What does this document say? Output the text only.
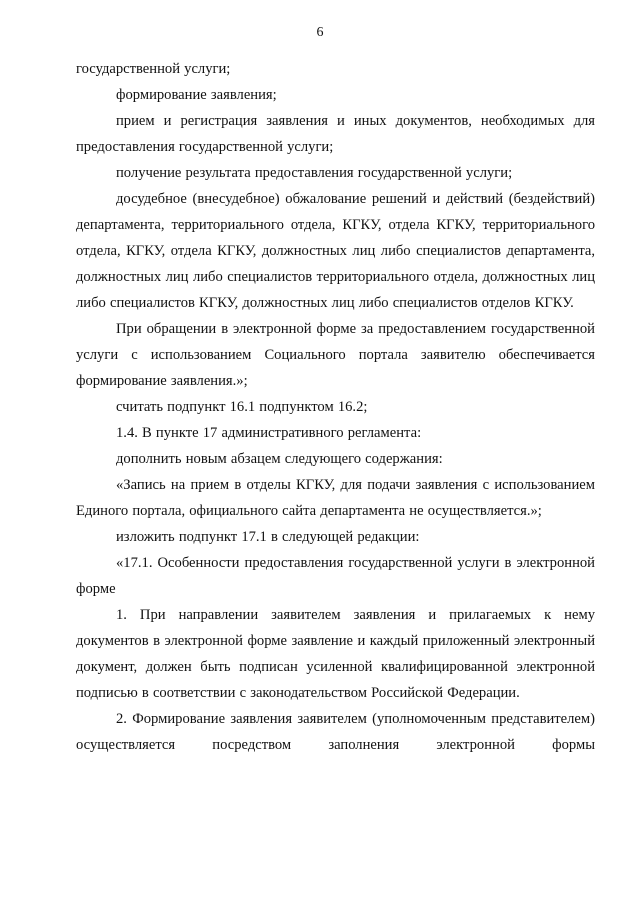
6

государственной услуги;

формирование заявления;

прием и регистрация заявления и иных документов, необходимых для предоставления государственной услуги;

получение результата предоставления государственной услуги;

досудебное (внесудебное) обжалование решений и действий (бездействий) департамента, территориального отдела, КГКУ, отдела КГКУ, территориального отдела, КГКУ, отдела КГКУ, должностных лиц либо специалистов департамента, должностных лиц либо специалистов территориального отдела, должностных лиц либо специалистов КГКУ, должностных лиц либо специалистов отделов КГКУ.

При обращении в электронной форме за предоставлением государственной услуги с использованием Социального портала заявителю обеспечивается формирование заявления.»;

считать подпункт 16.1 подпунктом 16.2;

1.4. В пункте 17 административного регламента:

дополнить новым абзацем следующего содержания:

«Запись на прием в отделы КГКУ, для подачи заявления с использованием Единого портала, официального сайта департамента не осуществляется.»;

изложить подпункт 17.1 в следующей редакции:

«17.1. Особенности предоставления государственной услуги в электронной форме

1. При направлении заявителем заявления и прилагаемых к нему документов в электронной форме заявление и каждый приложенный электронный документ, должен быть подписан усиленной квалифицированной электронной подписью в соответствии с законодательством Российской Федерации.

2. Формирование заявления заявителем (уполномоченным представителем) осуществляется посредством заполнения электронной формы
